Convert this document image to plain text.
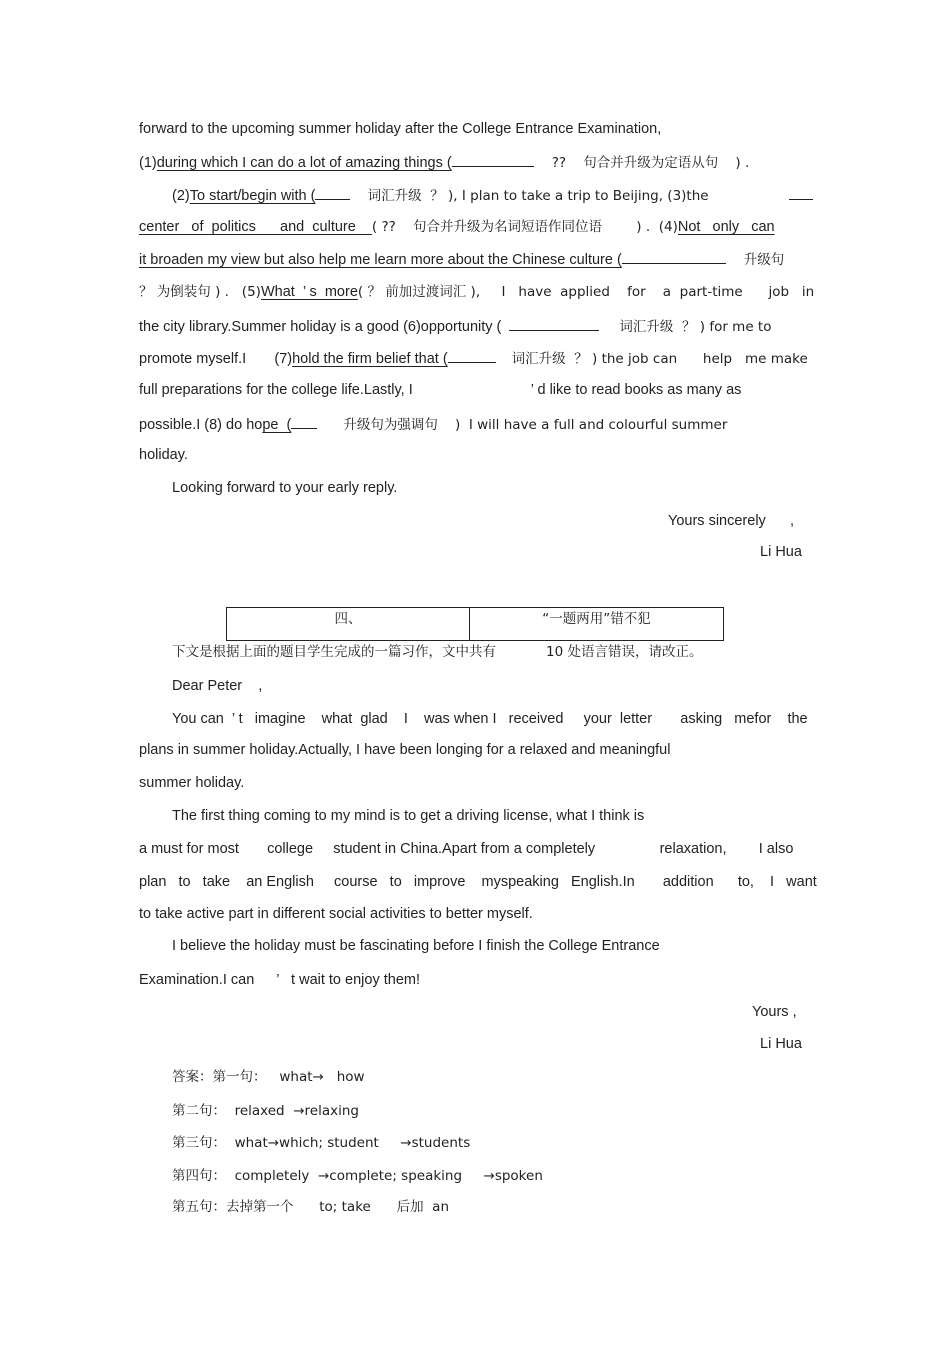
forward to the upcoming summer holiday after the College Entrance Examination,
(1)during which I can do a lot of amazing things (	??    句合并升级为定语从句    ) .
(2)To start/begin with (	词汇升级  ？ ), I plan to take a trip to Beijing, (3)the
center   of  politics      and  culture    ( ??    句合并升级为名词短语作同位语        ) .  (4)Not   only   can
it broaden my view but also help me learn more about the Chinese culture (	升级句
？ 为倒装句 ) .   (5)What  ’ s  more( ？ 前加过渡词汇 ),     I   have  applied    for    a  part-time      job   in
the city library.Summer holiday is a good (6)opportunity (	词汇升级  ？ ) for me to
promote myself.I       (7)hold the firm belief that (	词汇升级  ？ ) the job can      help   me make
full preparations for the college life.Lastly, I	’ d like to read books as many as
possible.I (8) do hope  (	升级句为强调句    )  I will have a full and colourful summer
holiday.
Looking forward to your early reply.
Yours sincerely      ,
Li Hua
四、	“一题两用”错不犯
下文是根据上面的题目学生完成的一篇习作，文中共有	10 处语言错误，请改正。
Dear Peter    ,
You can  ’ t   imagine    what  glad    I    was when I   received     your  letter       asking   mefor    the
plans in summer holiday.Actually, I have been longing for a relaxed and meaningful
summer holiday.
The first thing coming to my mind is to get a driving license, what I think is
a must for most       college     student in China.Apart from a completely                relaxation,        I also
plan   to   take    an English     course   to   improve    myspeaking   English.In       addition      to,    I   want
to take active part in different social activities to better myself.
I believe the holiday must be fascinating before I finish the College Entrance
Examination.I can ’   t wait to enjoy them!
Yours ,
Li Hua
答案：第一句：   what→   how
第二句：  relaxed  →relaxing
第三句：  what→which; student     →students
第四句：  completely  →complete; speaking     →spoken
第五句：去掉第一个      to; take      后加  an
